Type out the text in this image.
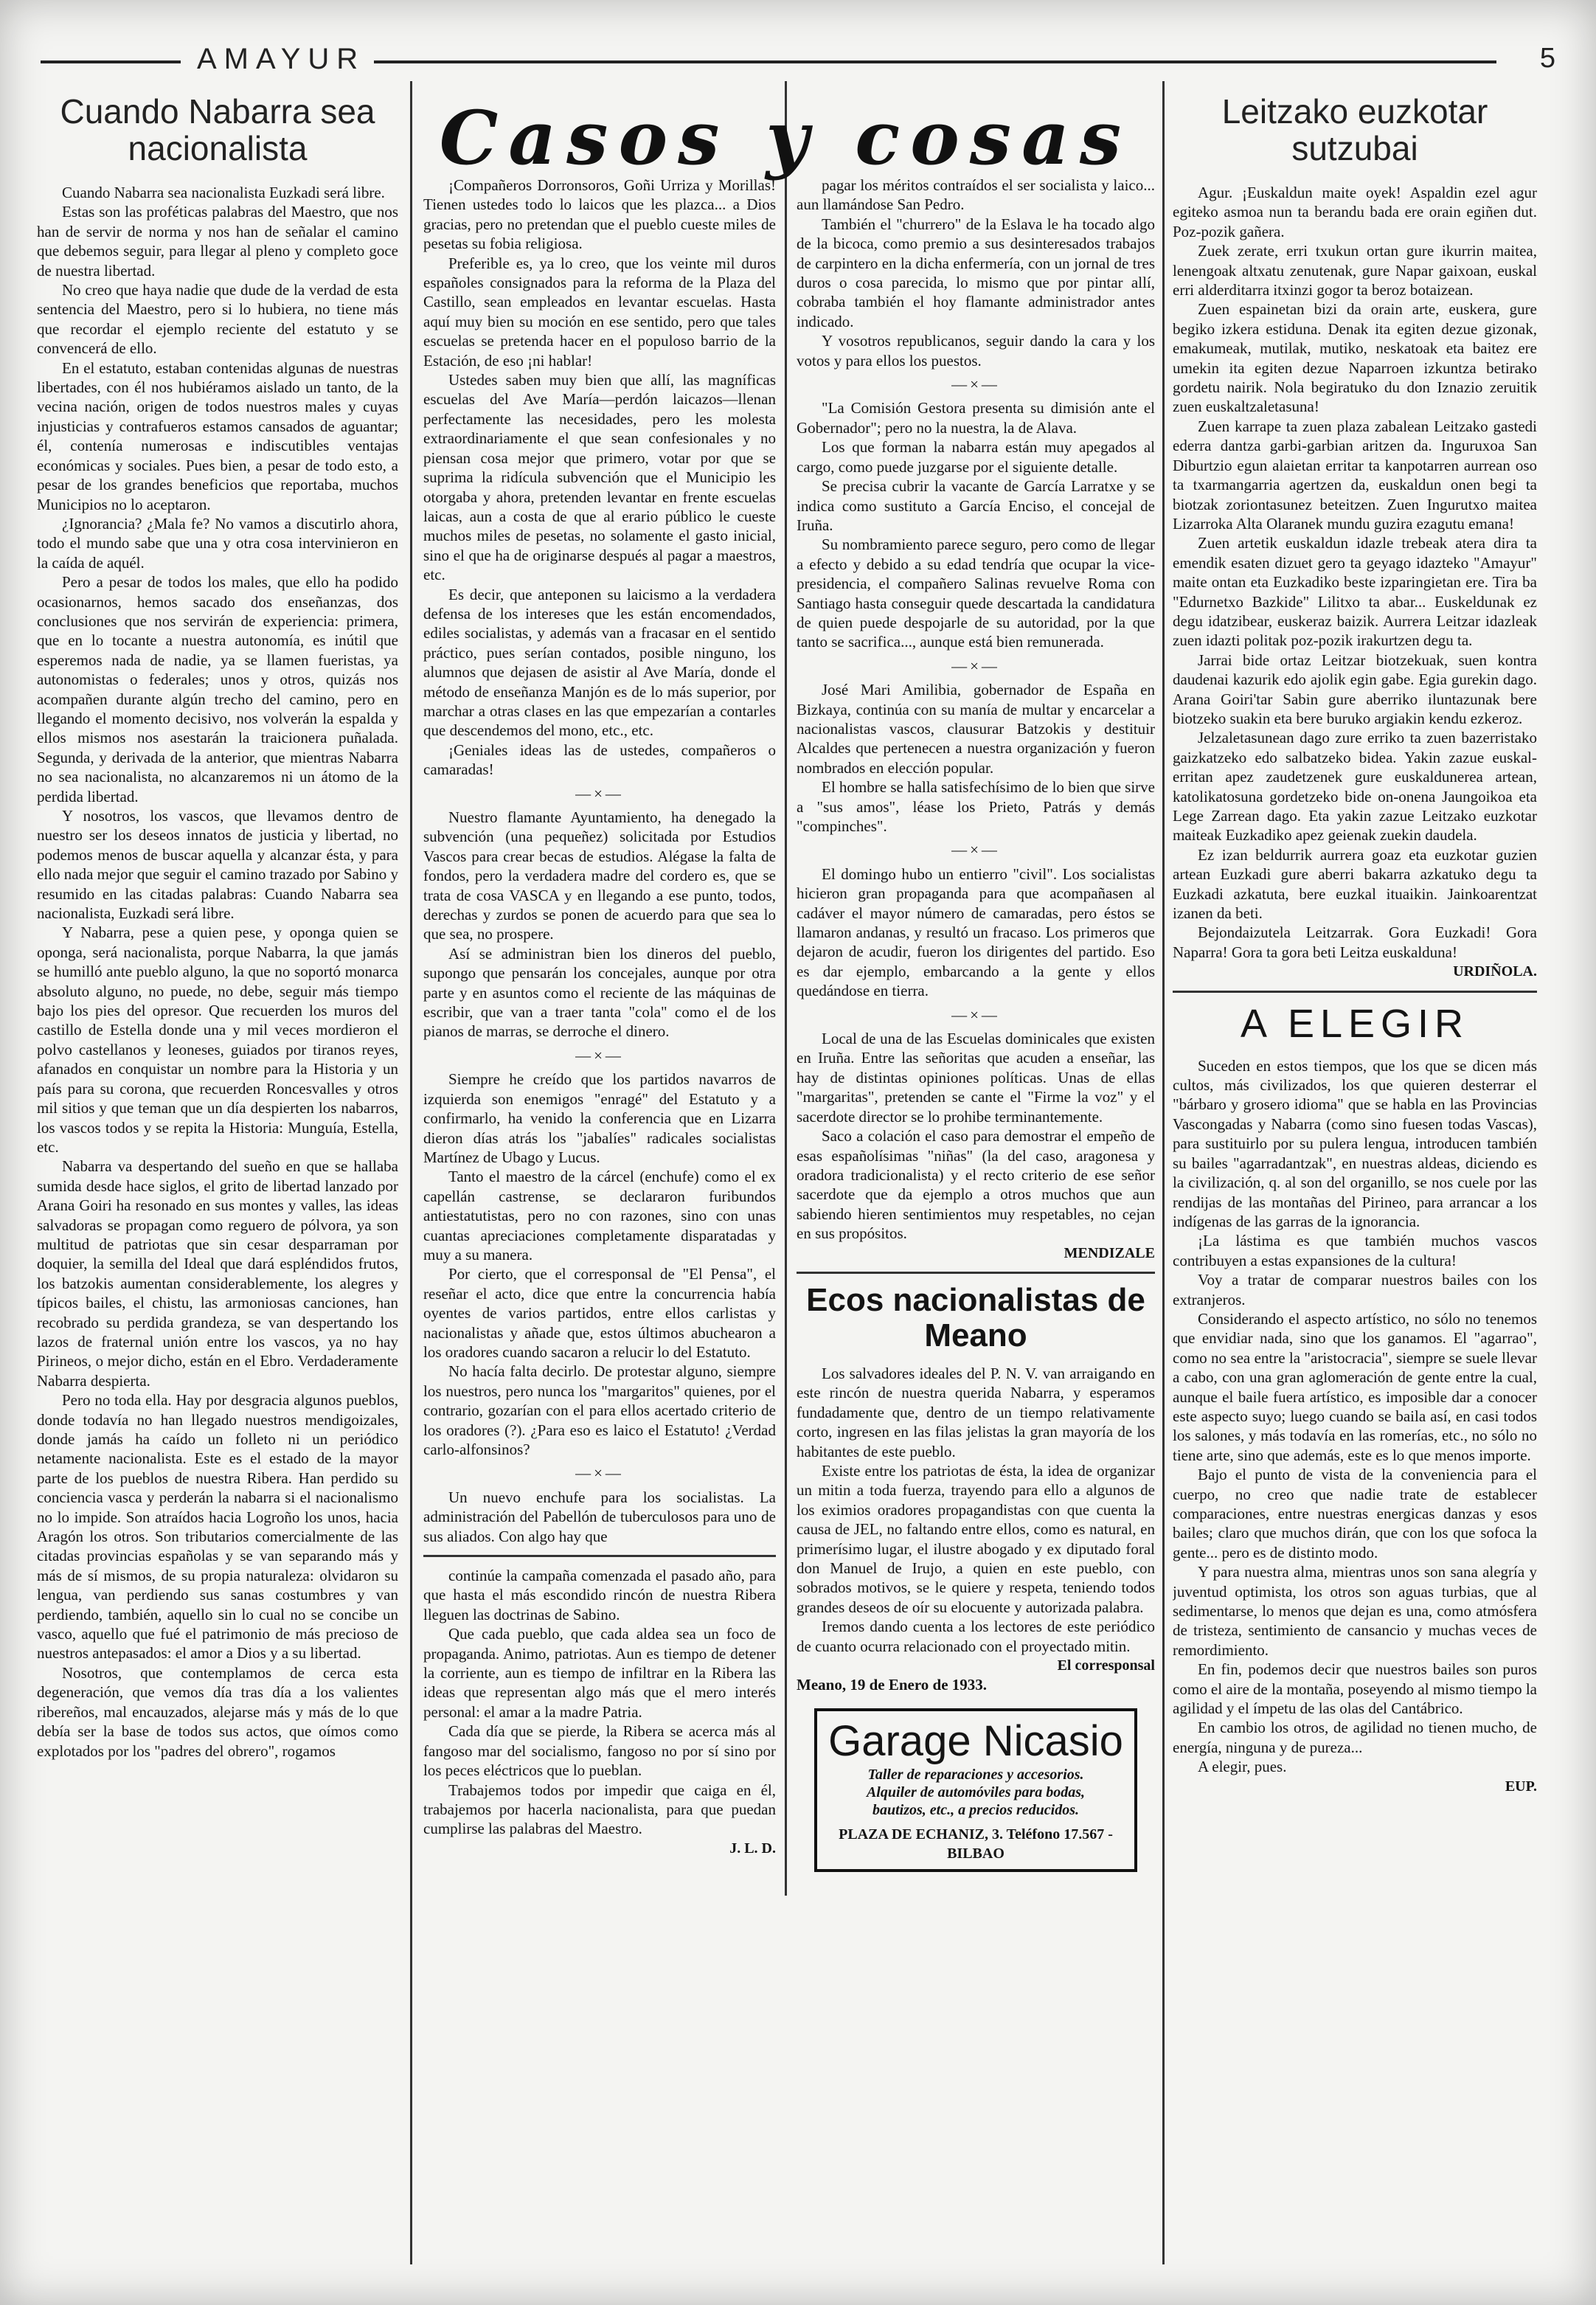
AMAYUR	5
Cuando Nabarra sea nacionalista

Cuando Nabarra sea nacionalista Euzkadi será libre.

Estas son las proféticas palabras del Maestro, que nos han de servir de norma y nos han de señalar el camino que debemos seguir, para llegar al pleno y completo goce de nuestra libertad.

No creo que haya nadie que dude de la verdad de esta sentencia del Maestro, pero si lo hubiera, no tiene más que recordar el ejemplo reciente del estatuto y se convencerá de ello.

En el estatuto, estaban contenidas algunas de nuestras libertades, con él nos hubiéramos aislado un tanto, de la vecina nación, origen de todos nuestros males y cuyas injusticias y contrafueros estamos cansados de aguantar; él, contenía numerosas e indiscutibles ventajas económicas y sociales. Pues bien, a pesar de todo esto, a pesar de los grandes beneficios que reportaba, muchos Municipios no lo aceptaron.

¿Ignorancia? ¿Mala fe? No vamos a discutirlo ahora, todo el mundo sabe que una y otra cosa intervinieron en la caída de aquél.

Pero a pesar de todos los males, que ello ha podido ocasionarnos, hemos sacado dos enseñanzas, dos conclusiones que nos servirán de experiencia: primera, que en lo tocante a nuestra autonomía, es inútil que esperemos nada de nadie, ya se llamen fueristas, ya autonomistas o federales; unos y otros, quizás nos acompañen durante algún trecho del camino, pero en llegando el momento decisivo, nos volverán la espalda y ellos mismos nos asestarán la traicionera puñalada. Segunda, y derivada de la anterior, que mientras Nabarra no sea nacionalista, no alcanzaremos ni un átomo de la perdida libertad.

Y nosotros, los vascos, que llevamos dentro de nuestro ser los deseos innatos de justicia y libertad, no podemos menos de buscar aquella y alcanzar ésta, y para ello nada mejor que seguir el camino trazado por Sabino y resumido en las citadas palabras: Cuando Nabarra sea nacionalista, Euzkadi será libre.

Y Nabarra, pese a quien pese, y oponga quien se oponga, será nacionalista, porque Nabarra, la que jamás se humilló ante pueblo alguno, la que no soportó monarca absoluto alguno, no puede, no debe, seguir más tiempo bajo los pies del opresor. Que recuerden los muros del castillo de Estella donde una y mil veces mordieron el polvo castellanos y leoneses, guiados por tiranos reyes, afanados en conquistar un nombre para la Historia y un país para su corona, que recuerden Roncesvalles y otros mil sitios y que teman que un día despierten los nabarros, los vascos todos y se repita la Historia: Munguía, Estella, etc.

Nabarra va despertando del sueño en que se hallaba sumida desde hace siglos, el grito de libertad lanzado por Arana Goiri ha resonado en sus montes y valles, las ideas salvadoras se propagan como reguero de pólvora, ya son multitud de patriotas que sin cesar desparraman por doquier, la semilla del Ideal que dará espléndidos frutos, los batzokis aumentan considerablemente, los alegres y típicos bailes, el chistu, las armoniosas canciones, han recobrado su perdida grandeza, se van despertando los lazos de fraternal unión entre los vascos, ya no hay Pirineos, o mejor dicho, están en el Ebro. Verdaderamente Nabarra despierta.

Pero no toda ella. Hay por desgracia algunos pueblos, donde todavía no han llegado nuestros mendigoizales, donde jamás ha caído un folleto ni un periódico netamente nacionalista. Este es el estado de la mayor parte de los pueblos de nuestra Ribera. Han perdido su conciencia vasca y perderán la nabarra si el nacionalismo no lo impide. Son atraídos hacia Logroño los unos, hacia Aragón los otros. Son tributarios comercialmente de las citadas provincias españolas y se van separando más y más de sí mismos, de su propia naturaleza: olvidaron su lengua, van perdiendo sus sanas costumbres y van perdiendo, también, aquello sin lo cual no se concibe un vasco, aquello que fué el patrimonio de más precioso de nuestros antepasados: el amor a Dios y a su libertad.

Nosotros, que contemplamos de cerca esta degeneración, que vemos día tras día a los valientes ribereños, mal encauzados, alejarse más y más de lo que debía ser la base de todos sus actos, que oímos como explotados por los "padres del obrero", rogamos

Casos y cosas

¡Compañeros Dorronsoros, Goñi Urriza y Morillas! Tienen ustedes todo lo laicos que les plazca... a Dios gracias, pero no pretendan que el pueblo cueste miles de pesetas su fobia religiosa.

Preferible es, ya lo creo, que los veinte mil duros españoles consignados para la reforma de la Plaza del Castillo, sean empleados en levantar escuelas. Hasta aquí muy bien su moción en ese sentido, pero que tales escuelas se pretenda hacer en el populoso barrio de la Estación, de eso ¡ni hablar!

Ustedes saben muy bien que allí, las magníficas escuelas del Ave María—perdón laicazos—llenan perfectamente las necesidades, pero les molesta extraordinariamente el que sean confesionales y no piensan cosa mejor que primero, votar por que se suprima la ridícula subvención que el Municipio les otorgaba y ahora, pretenden levantar en frente escuelas laicas, aun a costa de que al erario público le cueste muchos miles de pesetas, no solamente el gasto inicial, sino el que ha de originarse después al pagar a maestros, etc.

Es decir, que anteponen su laicismo a la verdadera defensa de los intereses que les están encomendados, ediles socialistas, y además van a fracasar en el sentido práctico, pues serían contados, posible ninguno, los alumnos que dejasen de asistir al Ave María, donde el método de enseñanza Manjón es de lo más superior, por marchar a otras clases en las que empezarían a contarles que descendemos del mono, etc., etc.

¡Geniales ideas las de ustedes, compañeros o camaradas!

—×—

Nuestro flamante Ayuntamiento, ha denegado la subvención (una pequeñez) solicitada por Estudios Vascos para crear becas de estudios. Alégase la falta de fondos, pero la verdadera madre del cordero es, que se trata de cosa VASCA y en llegando a ese punto, todos, derechas y zurdos se ponen de acuerdo para que sea lo que sea, no prospere.

Así se administran bien los dineros del pueblo, supongo que pensarán los concejales, aunque por otra parte y en asuntos como el reciente de las máquinas de escribir, que van a traer tanta "cola" como el de los pianos de marras, se derroche el dinero.

—×—

Siempre he creído que los partidos navarros de izquierda son enemigos "enragé" del Estatuto y a confirmarlo, ha venido la conferencia que en Lizarra dieron días atrás los "jabalíes" radicales socialistas Martínez de Ubago y Lucus.

Tanto el maestro de la cárcel (enchufe) como el ex capellán castrense, se declararon furibundos antiestatutistas, pero no con razones, sino con unas cuantas apreciaciones completamente disparatadas y muy a su manera.

Por cierto, que el corresponsal de "El Pensa", el reseñar el acto, dice que entre la concurrencia había oyentes de varios partidos, entre ellos carlistas y nacionalistas y añade que, estos últimos abuchearon a los oradores cuando sacaron a relucir lo del Estatuto.

No hacía falta decirlo. De protestar alguno, siempre los nuestros, pero nunca los "margaritos" quienes, por el contrario, gozarían con el para ellos acertado criterio de los oradores (?). ¿Para eso es laico el Estatuto! ¿Verdad carlo-alfonsinos?

—×—

Un nuevo enchufe para los socialistas. La administración del Pabellón de tuberculosos para uno de sus aliados. Con algo hay que

continúe la campaña comenzada el pasado año, para que hasta el más escondido rincón de nuestra Ribera lleguen las doctrinas de Sabino.

Que cada pueblo, que cada aldea sea un foco de propaganda. Animo, patriotas. Aun es tiempo de detener la corriente, aun es tiempo de infiltrar en la Ribera las ideas que representan algo más que el mero interés personal: el amar a la madre Patria.

Cada día que se pierde, la Ribera se acerca más al fangoso mar del socialismo, fangoso no por sí sino por los peces eléctricos que lo pueblan.

Trabajemos todos por impedir que caiga en él, trabajemos por hacerla nacionalista, para que puedan cumplirse las palabras del Maestro.

J. L. D.

pagar los méritos contraídos el ser socialista y laico... aun llamándose San Pedro.

También el "churrero" de la Eslava le ha tocado algo de la bicoca, como premio a sus desinteresados trabajos de carpintero en la dicha enfermería, con un jornal de tres duros o cosa parecida, lo mismo que por pintar allí, cobraba también el hoy flamante administrador antes indicado.

Y vosotros republicanos, seguir dando la cara y los votos y para ellos los puestos.

—×—

"La Comisión Gestora presenta su dimisión ante el Gobernador"; pero no la nuestra, la de Alava.

Los que forman la nabarra están muy apegados al cargo, como puede juzgarse por el siguiente detalle.

Se precisa cubrir la vacante de García Larratxe y se indica como sustituto a García Enciso, el concejal de Iruña.

Su nombramiento parece seguro, pero como de llegar a efecto y debido a su edad tendría que ocupar la vice-presidencia, el compañero Salinas revuelve Roma con Santiago hasta conseguir quede descartada la candidatura de quien puede despojarle de su autoridad, por la que tanto se sacrifica..., aunque está bien remunerada.

—×—

José Mari Amilibia, gobernador de España en Bizkaya, continúa con su manía de multar y encarcelar a nacionalistas vascos, clausurar Batzokis y destituir Alcaldes que pertenecen a nuestra organización y fueron nombrados en elección popular.

El hombre se halla satisfechísimo de lo bien que sirve a "sus amos", léase los Prieto, Patrás y demás "compinches".

—×—

El domingo hubo un entierro "civil". Los socialistas hicieron gran propaganda para que acompañasen al cadáver el mayor número de camaradas, pero éstos se llamaron andanas, y resultó un fracaso. Los primeros que dejaron de acudir, fueron los dirigentes del partido. Eso es dar ejemplo, embarcando a la gente y ellos quedándose en tierra.

—×—

Local de una de las Escuelas dominicales que existen en Iruña. Entre las señoritas que acuden a enseñar, las hay de distintas opiniones políticas. Unas de ellas "margaritas", pretenden se cante el "Firme la voz" y el sacerdote director se lo prohibe terminantemente.

Saco a colación el caso para demostrar el empeño de esas españolísimas "niñas" (la del caso, aragonesa y oradora tradicionalista) y el recto criterio de ese señor sacerdote que da ejemplo a otros muchos que aun sabiendo hieren sentimientos muy respetables, no cejan en sus propósitos.

MENDIZALE
Ecos nacionalistas de Meano

Los salvadores ideales del P. N. V. van arraigando en este rincón de nuestra querida Nabarra, y esperamos fundadamente que, dentro de un tiempo relativamente corto, ingresen en las filas jelistas la gran mayoría de los habitantes de este pueblo.

Existe entre los patriotas de ésta, la idea de organizar un mitin a toda fuerza, trayendo para ello a algunos de los eximios oradores propagandistas con que cuenta la causa de JEL, no faltando entre ellos, como es natural, en primerísimo lugar, el ilustre abogado y ex diputado foral don Manuel de Irujo, a quien en este pueblo, con sobrados motivos, se le quiere y respeta, teniendo todos grandes deseos de oír su elocuente y autorizada palabra.

Iremos dando cuenta a los lectores de este periódico de cuanto ocurra relacionado con el proyectado mitin.

El corresponsal

Meano, 19 de Enero de 1933.

Garage Nicasio
Taller de reparaciones y accesorios.
Alquiler de automóviles para bodas,
bautizos, etc., a precios reducidos.
PLAZA DE ECHANIZ, 3. Teléfono 17.567 - BILBAO
Leitzako euzkotar sutzubai

Agur. ¡Euskaldun maite oyek! Aspaldin ezel agur egiteko asmoa nun ta berandu bada ere orain egiñen dut. Poz-pozik gañera.

Zuek zerate, erri txukun ortan gure ikurrin maitea, lenengoak altxatu zenutenak, gure Napar gaixoan, euskal erri alderditarra itxinzi gogor ta beroz botaizean.

Zuen espainetan bizi da orain arte, euskera, gure begiko izkera estiduna. Denak ita egiten dezue gizonak, emakumeak, mutilak, mutiko, neskatoak eta baitez ere umekin ita egiten dezue Naparroen izkuntza betirako gordetu nairik. Nola begiratuko du don Iznazio zeruitik zuen euskaltzaletasuna!

Zuen karrape ta zuen plaza zabalean Leitzako gastedi ederra dantza garbi-garbian aritzen da. Inguruxoa San Diburtzio egun alaietan erritar ta kanpotarren aurrean oso ta txarmangarria agertzen da, euskaldun onen begi ta biotzak zoriontasunez beteitzen. Zuen Ingurutxo maitea Lizarroka Alta Olaranek mundu guzira ezagutu emana!

Zuen artetik euskaldun idazle trebeak atera dira ta emendik esaten dizuet gero ta geyago idazteko "Amayur" maite ontan eta Euzkadiko beste izparingietan ere. Tira ba "Edurnetxo Bazkide" Lilitxo ta abar... Euskeldunak ez degu idatzibear, euskeraz baizik. Aurrera Leitzar idazleak zuen idazti politak poz-pozik irakurtzen degu ta.

Jarrai bide ortaz Leitzar biotzekuak, suen kontra daudenai kazurik edo ajolik egin gabe. Egia gurekin dago. Arana Goiri'tar Sabin gure aberriko iluntazunak bere biotzeko suakin eta bere buruko argiakin kendu ezkeroz.

Jelzaletasunean dago zure erriko ta zuen bazerristako gaizkatzeko edo salbatzeko bidea. Yakin zazue euskal-erritan apez zaudetzenek gure euskaldunerea artean, katolikatosuna gordetzeko bide on-onena Jaungoikoa eta Lege Zarrean dago. Eta yakin zazue Leitzako euzkotar maiteak Euzkadiko apez geienak zuekin daudela.

Ez izan beldurrik aurrera goaz eta euzkotar guzien artean Euzkadi gure aberri bakarra azkatuko degu ta Euzkadi azkatuta, bere euzkal ituaikin. Jainkoarentzat izanen da beti.

Bejondaizutela Leitzarrak. Gora Euzkadi! Gora Naparra! Gora ta gora beti Leitza euskalduna!

URDIÑOLA.
A ELEGIR

Suceden en estos tiempos, que los que se dicen más cultos, más civilizados, los que quieren desterrar el "bárbaro y grosero idioma" que se habla en las Provincias Vascongadas y Nabarra (como sino fuesen todas Vascas), para sustituirlo por su pulera lengua, introducen también su bailes "agarradantzak", en nuestras aldeas, diciendo es la civilización, q. al son del organillo, se nos cuele por las rendijas de las montañas del Pirineo, para arrancar a los indígenas de las garras de la ignorancia.

¡La lástima es que también muchos vascos contribuyen a estas expansiones de la cultura!

Voy a tratar de comparar nuestros bailes con los extranjeros.

Considerando el aspecto artístico, no sólo no tenemos que envidiar nada, sino que los ganamos. El "agarrao", como no sea entre la "aristocracia", siempre se suele llevar a cabo, con una gran aglomeración de gente entre la cual, aunque el baile fuera artístico, es imposible dar a conocer este aspecto suyo; luego cuando se baila así, en casi todos los salones, y más todavía en las romerías, etc., no sólo no tiene arte, sino que además, este es lo que menos importe.

Bajo el punto de vista de la conveniencia para el cuerpo, no creo que nadie trate de establecer comparaciones, entre nuestras energicas danzas y esos bailes; claro que muchos dirán, que con los que sofoca la gente... pero es de distinto modo.

Y para nuestra alma, mientras unos son sana alegría y juventud optimista, los otros son aguas turbias, que al sedimentarse, lo menos que dejan es una, como atmósfera de tristeza, sentimiento de cansancio y muchas veces de remordimiento.

En fin, podemos decir que nuestros bailes son puros como el aire de la montaña, poseyendo al mismo tiempo la agilidad y el ímpetu de las olas del Cantábrico.

En cambio los otros, de agilidad no tienen mucho, de energía, ninguna y de pureza...

A elegir, pues.

EUP.
